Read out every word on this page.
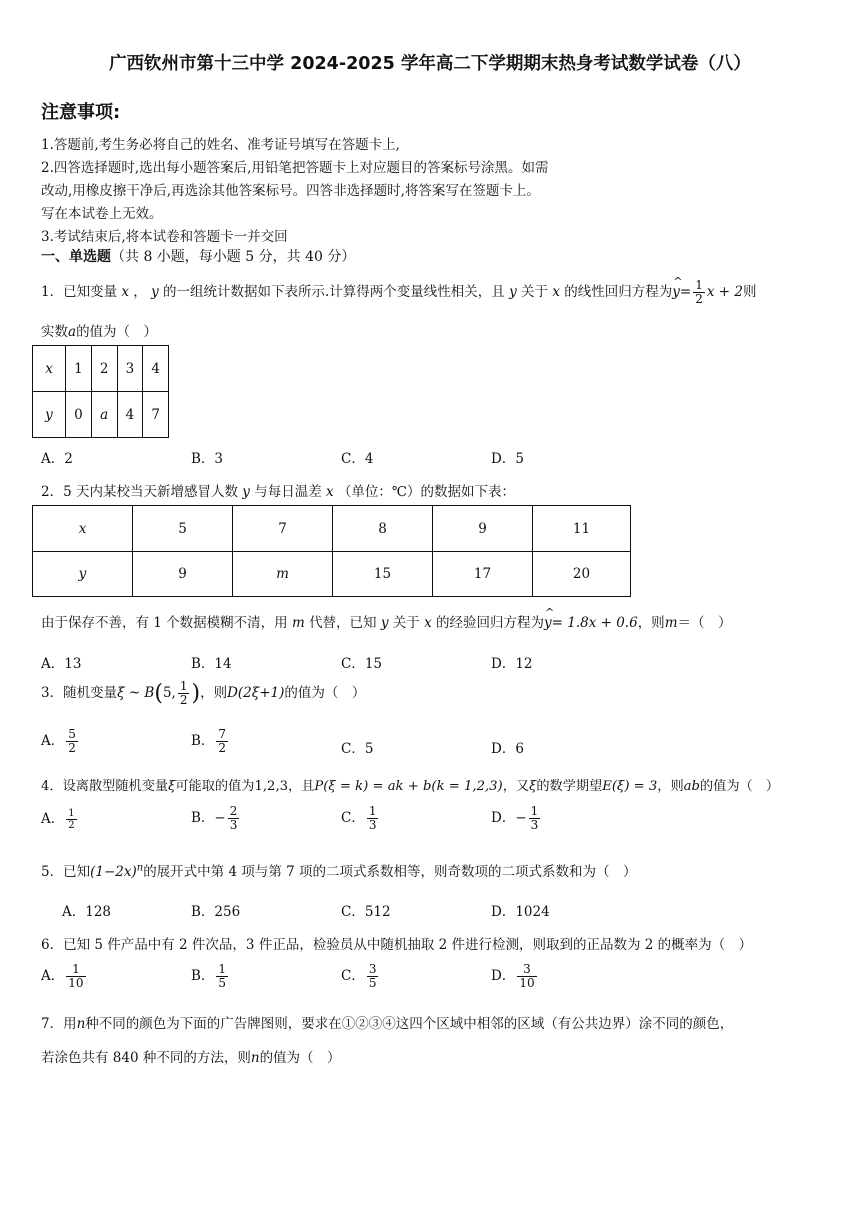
广西钦州市第十三中学 2024-2025 学年高二下学期期末热身考试数学试卷（八）
注意事项:
1.答题前,考生务必将自己的姓名、准考证号填写在答题卡上,
2.四答选择题时,选出每小题答案后,用铅笔把答题卡上对应题目的答案标号涂黑。如需
改动,用橡皮擦干净后,再选涂其他答案标号。四答非选择题时,将答案写在签题卡上。
写在本试卷上无效。
3.考试结束后,将本试卷和答题卡一并交回
一、单选题（共 8 小题，每小题 5 分，共 40 分）
1．已知变量 x ， y 的一组统计数据如下表所示.计算得两个变量线性相关，且 y 关于 x 的线性回归方程为^ $y= \frac{1}{2}$ x + 2则
实数a的值为（　）
x	1	2	3	4
y	0	a	4	7
A．2	B．3	C．4	D．5
2．5 天内某校当天新增感冒人数 y 与每日温差 x （单位：℃）的数据如下表：
x	5	7	8	9	11
y	9	m	15	17	20
由于保存不善，有 1 个数据模糊不清，用 m 代替，已知 y 关于 x 的经验回归方程为^ y= 1.8x + 0.6，则m＝（　）
A．13	B．14	C．15	D．12
3．随机变量ξ ~ B(5, $\frac{1}{2}$ )，则D(2ξ+1)的值为（　）
A． $\frac{5}{2}$	B． $\frac{7}{2}$	C．5	D．6
4．设离散型随机变量ξ可能取的值为1,2,3，且P(ξ = k) = ak + b(k = 1,2,3)，又ξ的数学期望E(ξ) = 3，则ab的值为（　）
A． $\frac{1}{2}$	B．− $\frac{2}{3}$	C． $\frac{1}{3}$	D．− $\frac{1}{3}$
5．已知$(1-2x)^n$的展开式中第 4 项与第 7 项的二项式系数相等，则奇数项的二项式系数和为（　）
A．128	B．256	C．512	D．1024
6．已知 5 件产品中有 2 件次品，3 件正品，检验员从中随机抽取 2 件进行检测，则取到的正品数为 2 的概率为（　）
A． $\frac{1}{10}$	B． $\frac{1}{5}$	C． $\frac{3}{5}$	D． $\frac{3}{10}$
7．用n种不同的颜色为下面的广告牌图则，要求在①②③④这四个区域中相邻的区域（有公共边界）涂不同的颜色，
若涂色共有 840 种不同的方法，则n的值为（　）
